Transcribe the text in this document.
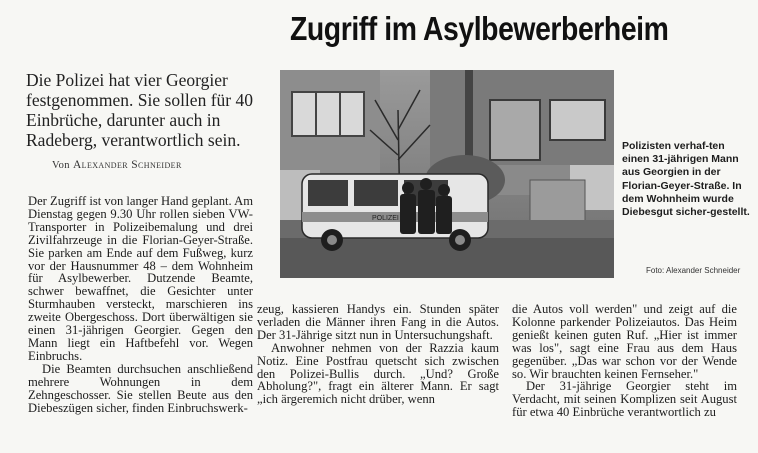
Zugriff im Asylbewerberheim

Die Polizei hat vier Georgier festgenommen. Sie sollen für 40 Einbrüche, darunter auch in Radeberg, verantwortlich sein.

Von Alexander Schneider
POLIZEI
Polizisten verhaf-ten einen 31-jährigen Mann aus Georgien in der Florian-Geyer-Straße. In dem Wohnheim wurde Diebesgut sicher-gestellt.
Foto: Alexander Schneider

Der Zugriff ist von langer Hand geplant. Am Dienstag gegen 9.30 Uhr rollen sieben VW-Transporter in Polizeibemalung und drei Zivilfahrzeuge in die Florian-Geyer-Straße. Sie parken am Ende auf dem Fußweg, kurz vor der Hausnummer 48 – dem Wohnheim für Asylbewerber. Dutzende Beamte, schwer bewaffnet, die Gesichter unter Sturmhauben versteckt, marschieren ins zweite Obergeschoss. Dort überwältigen sie einen 31-jährigen Georgier. Gegen den Mann liegt ein Haftbefehl vor. Wegen Einbruchs.

Die Beamten durchsuchen anschließend mehrere Wohnungen in dem Zehngeschosser. Sie stellen Beute aus den Diebeszügen sicher, finden Einbruchswerk-

zeug, kassieren Handys ein. Stunden später verladen die Männer ihren Fang in die Autos. Der 31-Jährige sitzt nun in Untersuchungshaft.

Anwohner nehmen von der Razzia kaum Notiz. Eine Postfrau quetscht sich zwischen den Polizei-Bullis durch. „Und? Große Abholung?", fragt ein älterer Mann. Er sagt „ich ärgeremich nicht drüber, wenn

die Autos voll werden" und zeigt auf die Kolonne parkender Polizeiautos. Das Heim genießt keinen guten Ruf. „Hier ist immer was los", sagt eine Frau aus dem Haus gegenüber. „Das war schon vor der Wende so. Wir brauchten keinen Fernseher."

Der 31-jährige Georgier steht im Verdacht, mit seinen Komplizen seit August für etwa 40 Einbrüche verantwortlich zu
